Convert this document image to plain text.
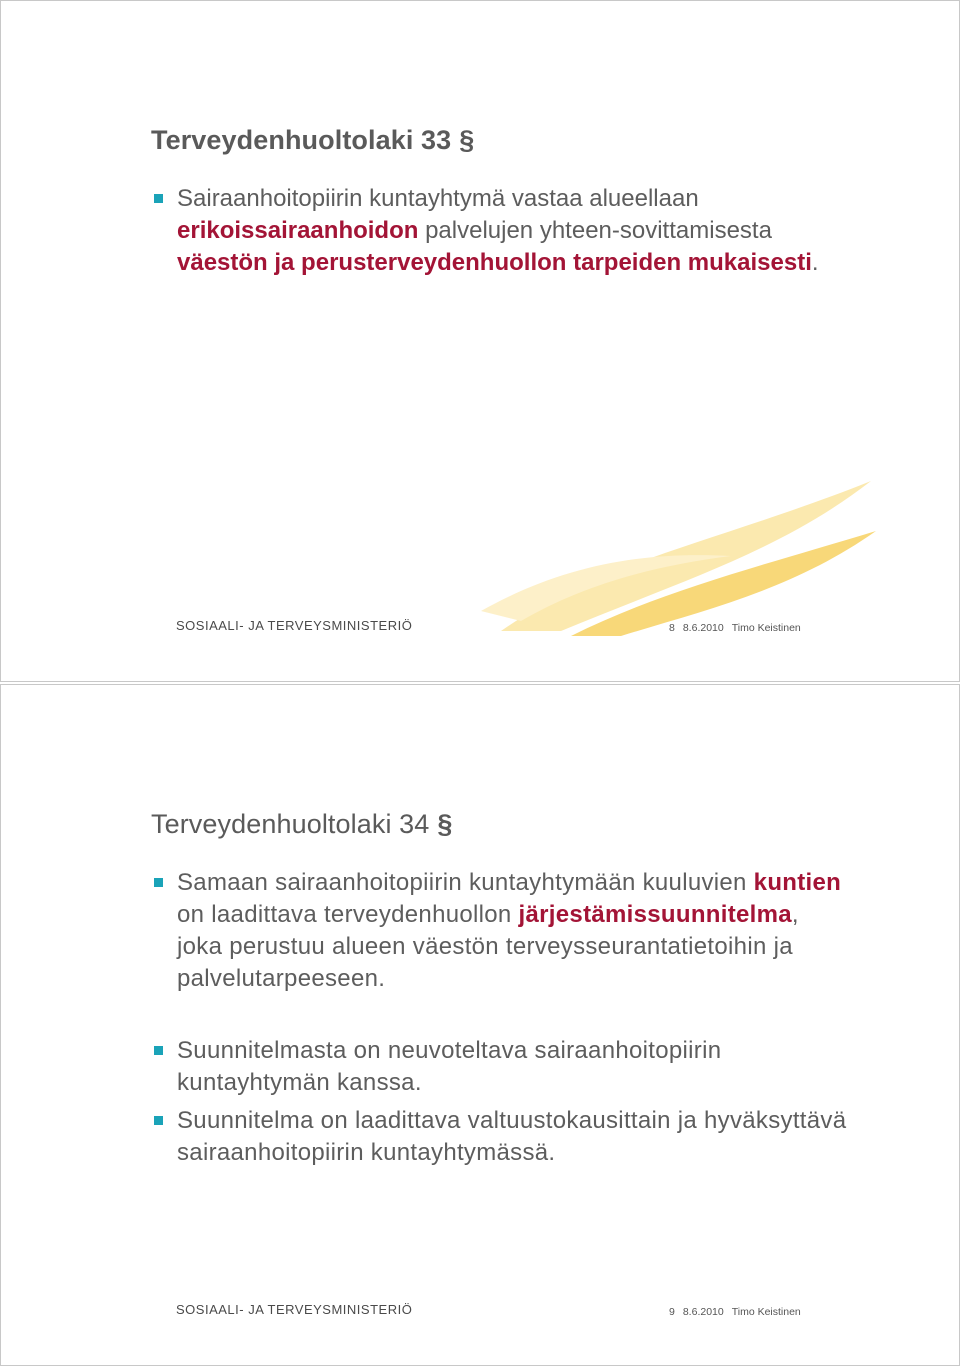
Terveydenhuoltolaki 33 §
Sairaanhoitopiirin kuntayhtymä vastaa alueellaan erikoissairaanhoidon palvelujen yhteen-sovittamisesta väestön ja perusterveydenhuollon tarpeiden mukaisesti.
SOSIAALI- JA TERVEYSMINISTERIÖ	8 8.6.2010 Timo Keistinen
Terveydenhuoltolaki 34 §
Samaan sairaanhoitopiirin kuntayhtymään kuuluvien kuntien on laadittava terveydenhuollon järjestämissuunnitelma, joka perustuu alueen väestön terveysseurantatietoihin ja palvelutarpeeseen.
Suunnitelmasta on neuvoteltava sairaanhoitopiirin kuntayhtymän kanssa.
Suunnitelma on laadittava valtuustokausittain ja hyväksyttävä sairaanhoitopiirin kuntayhtymässä.
SOSIAALI- JA TERVEYSMINISTERIÖ	9 8.6.2010 Timo Keistinen
